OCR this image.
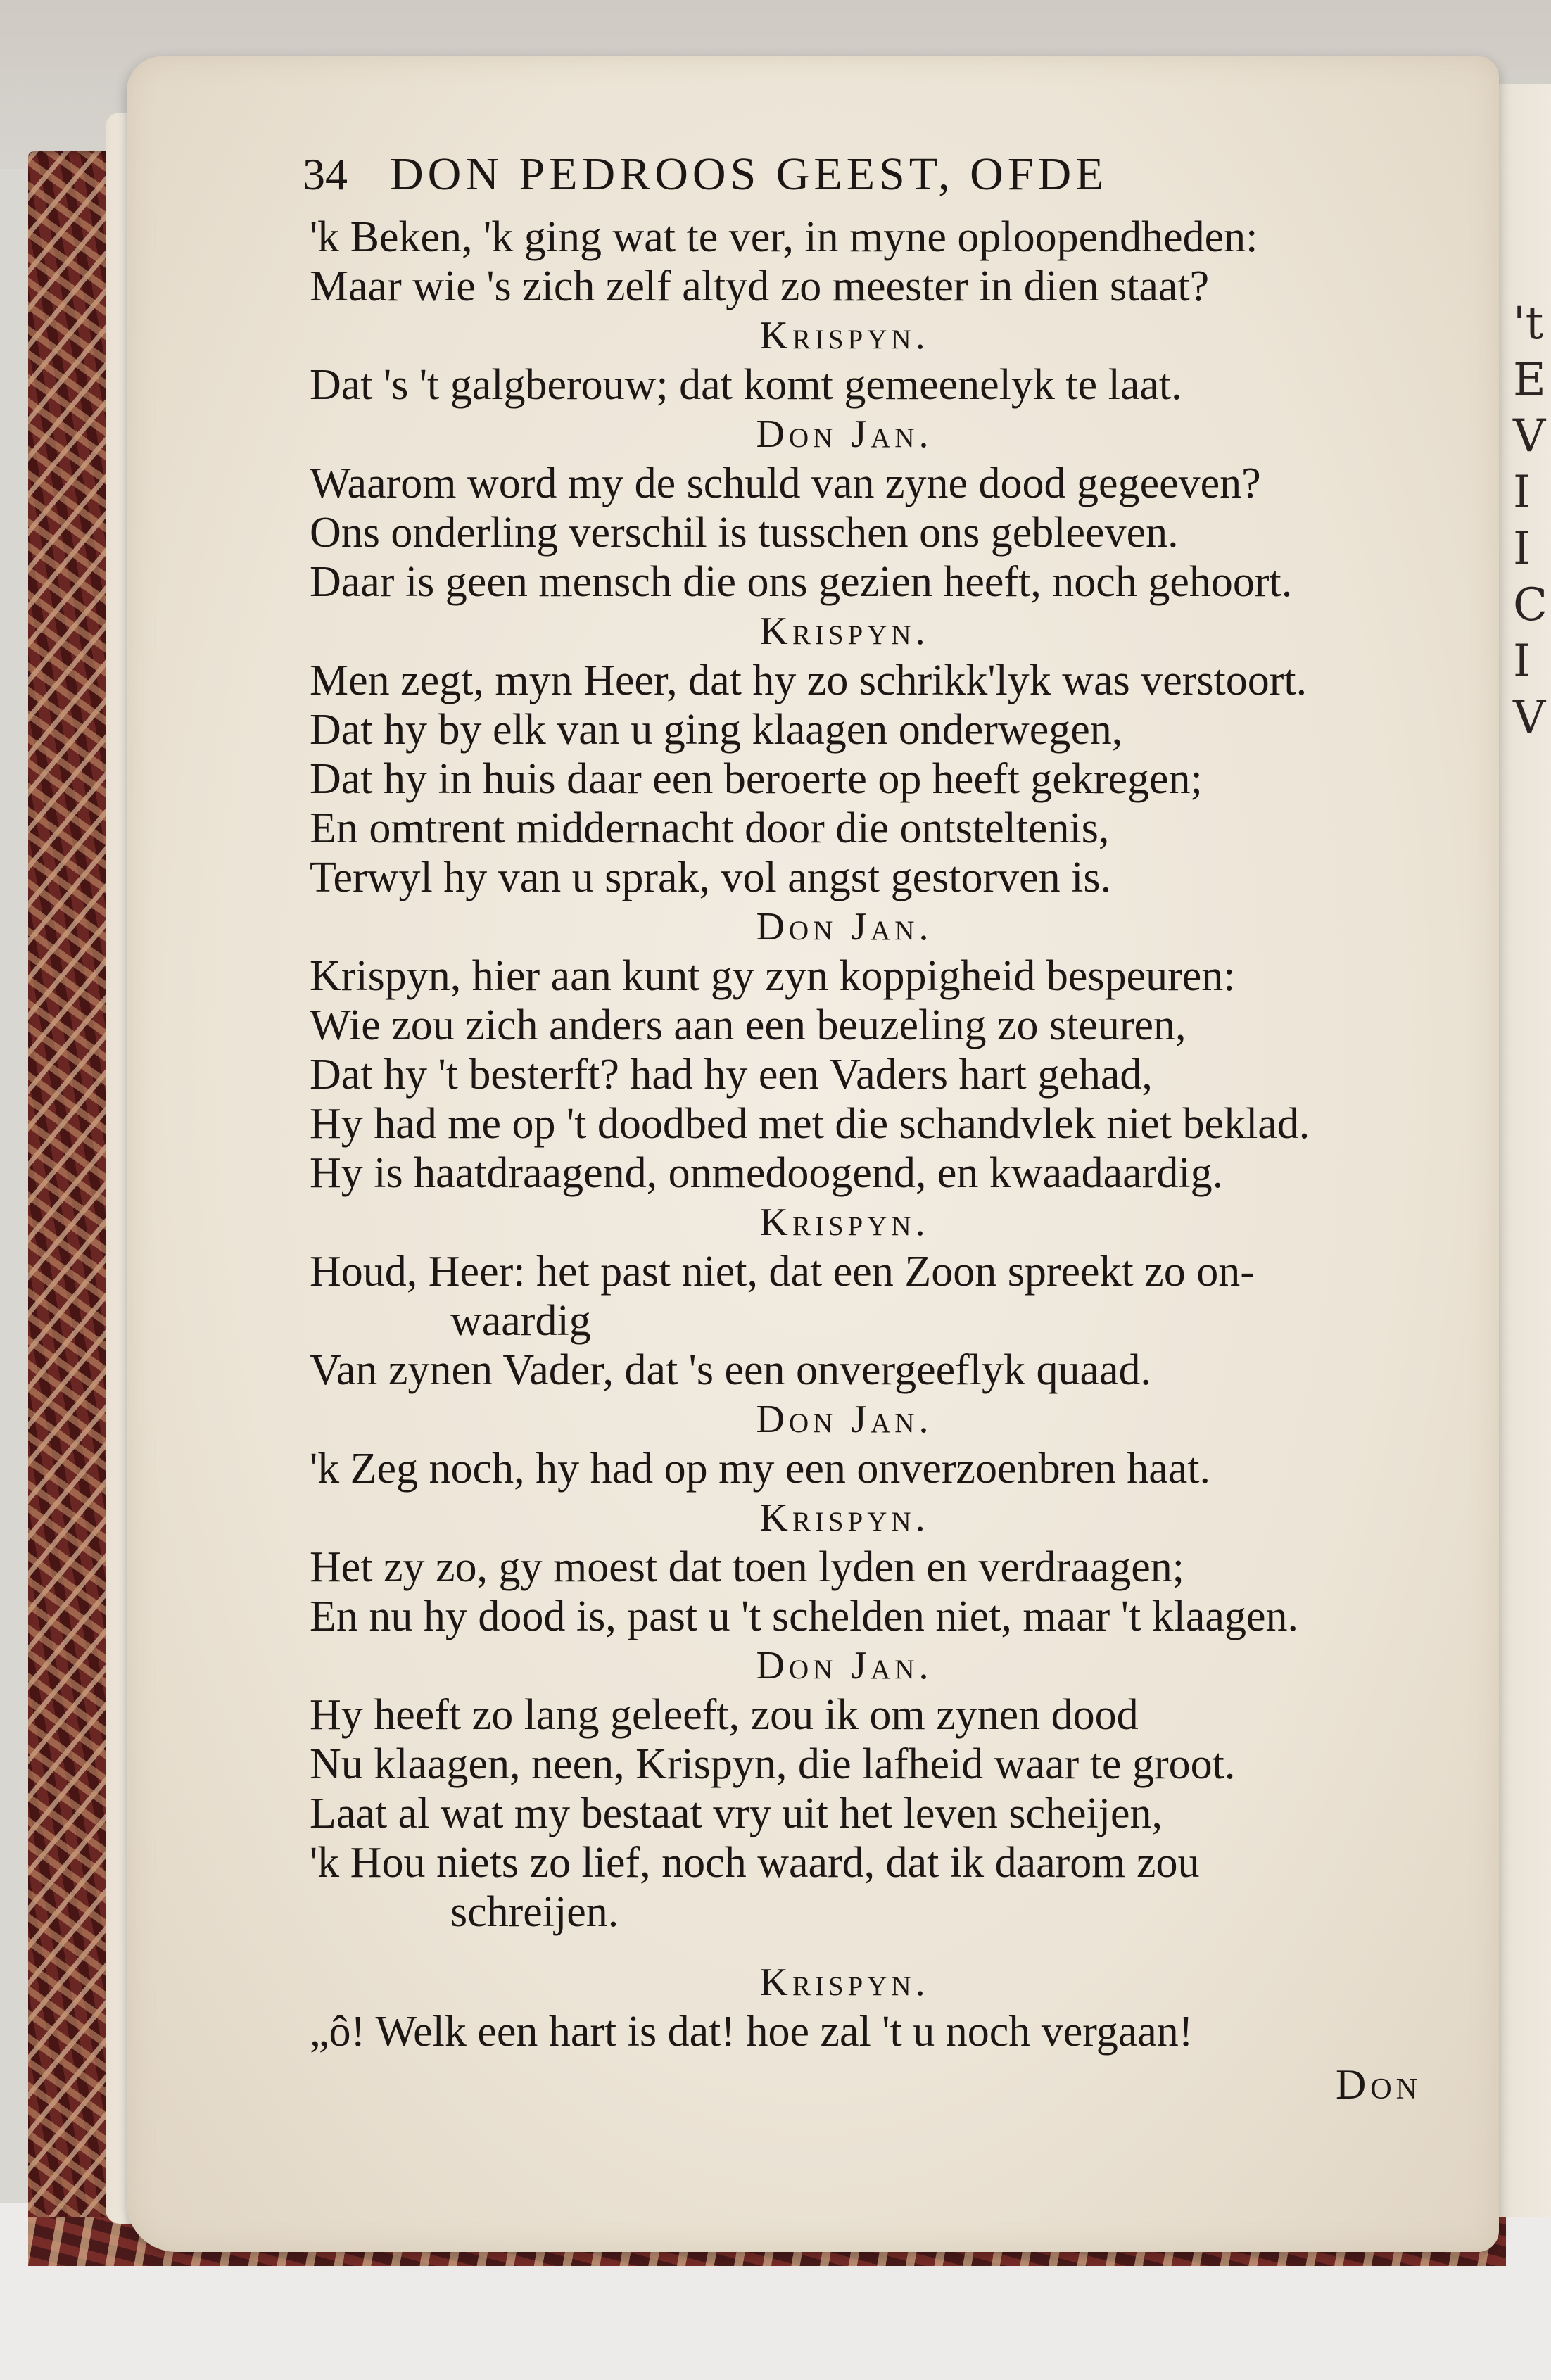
't
E
V
I
I
C
I
V
34 DON PEDROOS GEEST, OFDE
'k Beken, 'k ging wat te ver, in myne oploopendheden:
Maar wie 's zich zelf altyd zo meester in dien staat?
Krispyn.
Dat 's 't galgberouw; dat komt gemeenelyk te laat.
Don Jan.
Waarom word my de schuld van zyne dood gegeeven?
Ons onderling verschil is tusschen ons gebleeven.
Daar is geen mensch die ons gezien heeft, noch gehoort.
Krispyn.
Men zegt, myn Heer, dat hy zo schrikk'lyk was verstoort.
Dat hy by elk van u ging klaagen onderwegen,
Dat hy in huis daar een beroerte op heeft gekregen;
En omtrent middernacht door die ontsteltenis,
Terwyl hy van u sprak, vol angst gestorven is.
Don Jan.
Krispyn, hier aan kunt gy zyn koppigheid bespeuren:
Wie zou zich anders aan een beuzeling zo steuren,
Dat hy 't besterft? had hy een Vaders hart gehad,
Hy had me op 't doodbed met die schandvlek niet beklad.
Hy is haatdraagend, onmedoogend, en kwaadaardig.
Krispyn.
Houd, Heer: het past niet, dat een Zoon spreekt zo on-
waardig
Van zynen Vader, dat 's een onvergeeflyk quaad.
Don Jan.
'k Zeg noch, hy had op my een onverzoenbren haat.
Krispyn.
Het zy zo, gy moest dat toen lyden en verdraagen;
En nu hy dood is, past u 't schelden niet, maar 't klaagen.
Don Jan.
Hy heeft zo lang geleeft, zou ik om zynen dood
Nu klaagen, neen, Krispyn, die lafheid waar te groot.
Laat al wat my bestaat vry uit het leven scheijen,
'k Hou niets zo lief, noch waard, dat ik daarom zou
schreijen.
Krispyn.
„ô! Welk een hart is dat! hoe zal 't u noch vergaan!
Don
